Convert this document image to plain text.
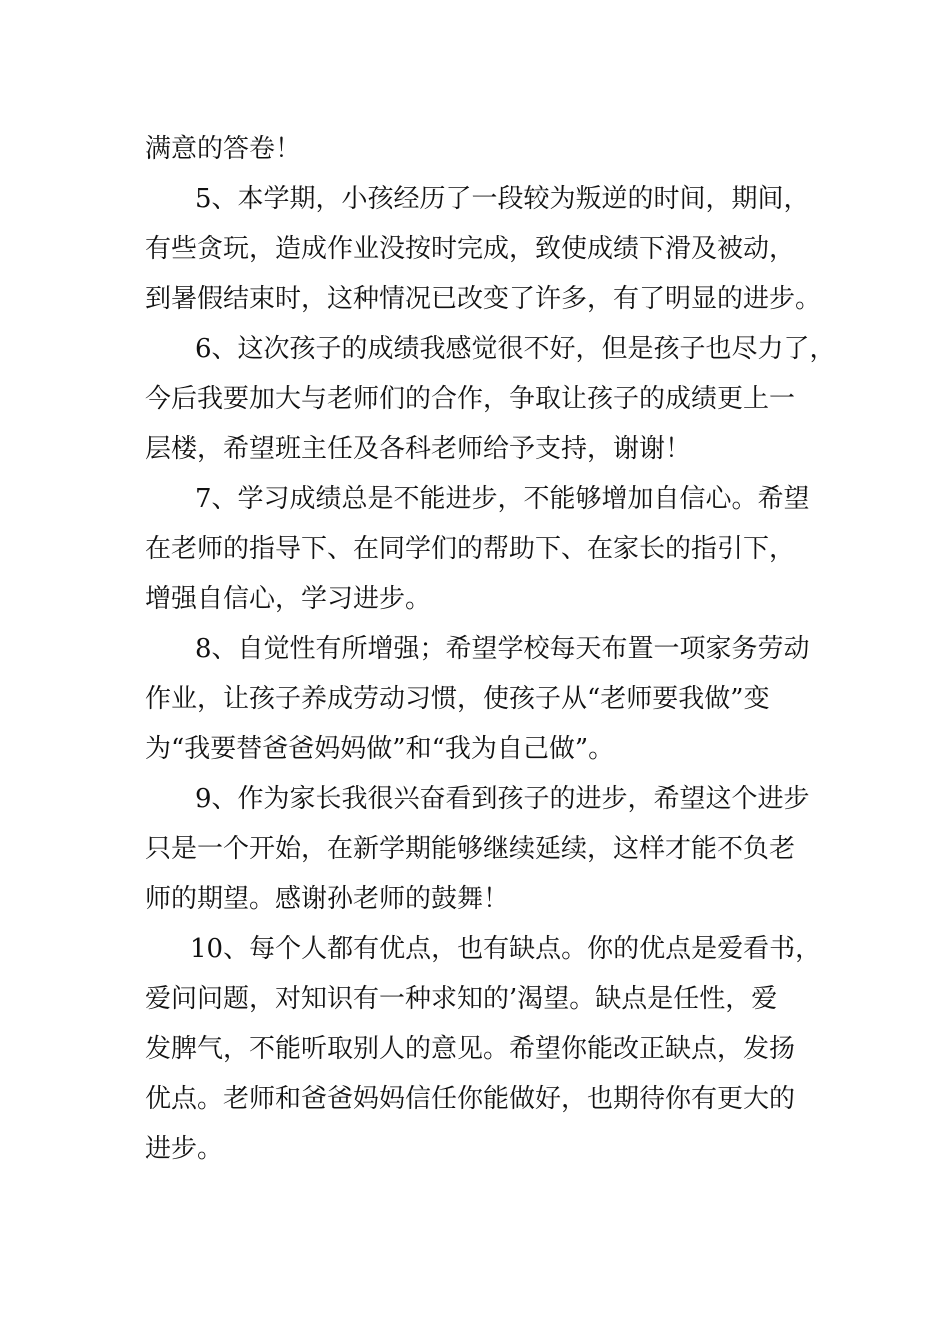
满意的答卷！
5、本学期，小孩经历了一段较为叛逆的时间，期间，
有些贪玩，造成作业没按时完成，致使成绩下滑及被动，
到暑假结束时，这种情况已改变了许多，有了明显的进步。
6、这次孩子的成绩我感觉很不好，但是孩子也尽力了，
今后我要加大与老师们的合作，争取让孩子的成绩更上一
层楼，希望班主任及各科老师给予支持，谢谢！
7、学习成绩总是不能进步，不能够增加自信心。希望
在老师的指导下、在同学们的帮助下、在家长的指引下，
增强自信心，学习进步。
8、自觉性有所增强；希望学校每天布置一项家务劳动
作业，让孩子养成劳动习惯，使孩子从“老师要我做”变
为“我要替爸爸妈妈做”和“我为自己做”。
9、作为家长我很兴奋看到孩子的进步，希望这个进步
只是一个开始，在新学期能够继续延续，这样才能不负老
师的期望。感谢孙老师的鼓舞！
10、每个人都有优点，也有缺点。你的优点是爱看书，
爱问问题，对知识有一种求知的’渴望。缺点是任性，爱
发脾气，不能听取别人的意见。希望你能改正缺点，发扬
优点。老师和爸爸妈妈信任你能做好，也期待你有更大的
进步。
